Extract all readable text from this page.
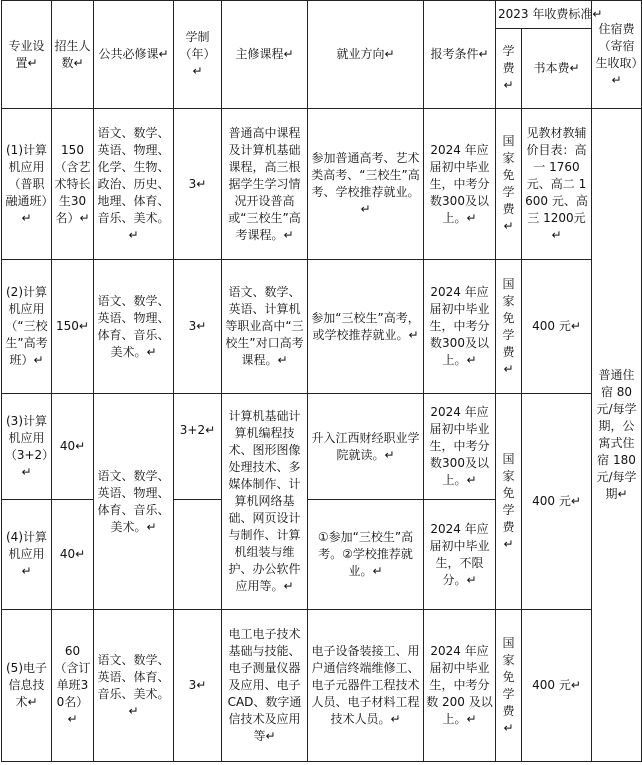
专业设置↵	招生人数↵	公共必修课↵	学制（年）↵	主修课程↵	就业方向↵	报考条件↵	2023 年收费标准↵		住宿费（寄宿生收取）↵
							学费↵	书本费↵	
(1)计算机应用（普职融通班）↵	150（含艺术特长生30名）↵	语文、数学、英语、物理、化学、生物、政治、历史、地理、体育、音乐、美术。↵	3↵	普通高中课程及计算机基础课程，高三根据学生学习情况开设普高或“三校生”高考课程。↵	参加普通高考、艺术类高考、“三校生”高考、学校推荐就业。↵	2024 年应届初中毕业生，中考分数300及以上。↵	国家免学费↵	见教材教辅价目表：高一 1760 元、高二 1600 元、高三 1200元↵	普通住宿 80 元/每学期，公寓式住宿 180 元/每学期↵
(2)计算机应用（“三校生”高考班）↵	150↵	语文、数学、英语、物理、体育、音乐、美术。↵	3↵	语文、数学、英语、计算机等职业高中“三校生”对口高考课程。↵	参加“三校生”高考，或学校推荐就业。↵	2024 年应届初中毕业生，中考分数300及以上。↵	国家免学费↵	400 元↵	
(3)计算机应用（3+2）↵	40↵	语文、数学、英语、物理、体育、音乐、美术。↵	3+2↵	计算机基础计算机编程技术、图形图像处理技术、多媒体制作、计算机网络基础、网页设计与制作、计算机组装与维护、办公软件应用等。↵	升入江西财经职业学院就读。↵	2024 年应届初中毕业生，中考分数300及以上。↵	国家免学费↵	400 元↵	
(4)计算机应用↵	40↵				①参加“三校生”高考。②学校推荐就业。↵	2024 年应届初中毕业生，不限分。↵			
(5)电子信息技术↵	60（含订单班30名）↵	语文、数学、英语、体育、音乐、美术。↵	3↵	电工电子技术基础与技能、电子测量仪器及应用、电子 CAD、数字通信技术及应用等↵	电子设备装接工、用户通信终端维修工、电子元器件工程技术人员、电子材料工程技术人员。↵	2024 年应届初中毕业生，中考分数 200 及以上。↵	国家免学费↵	400 元↵	
